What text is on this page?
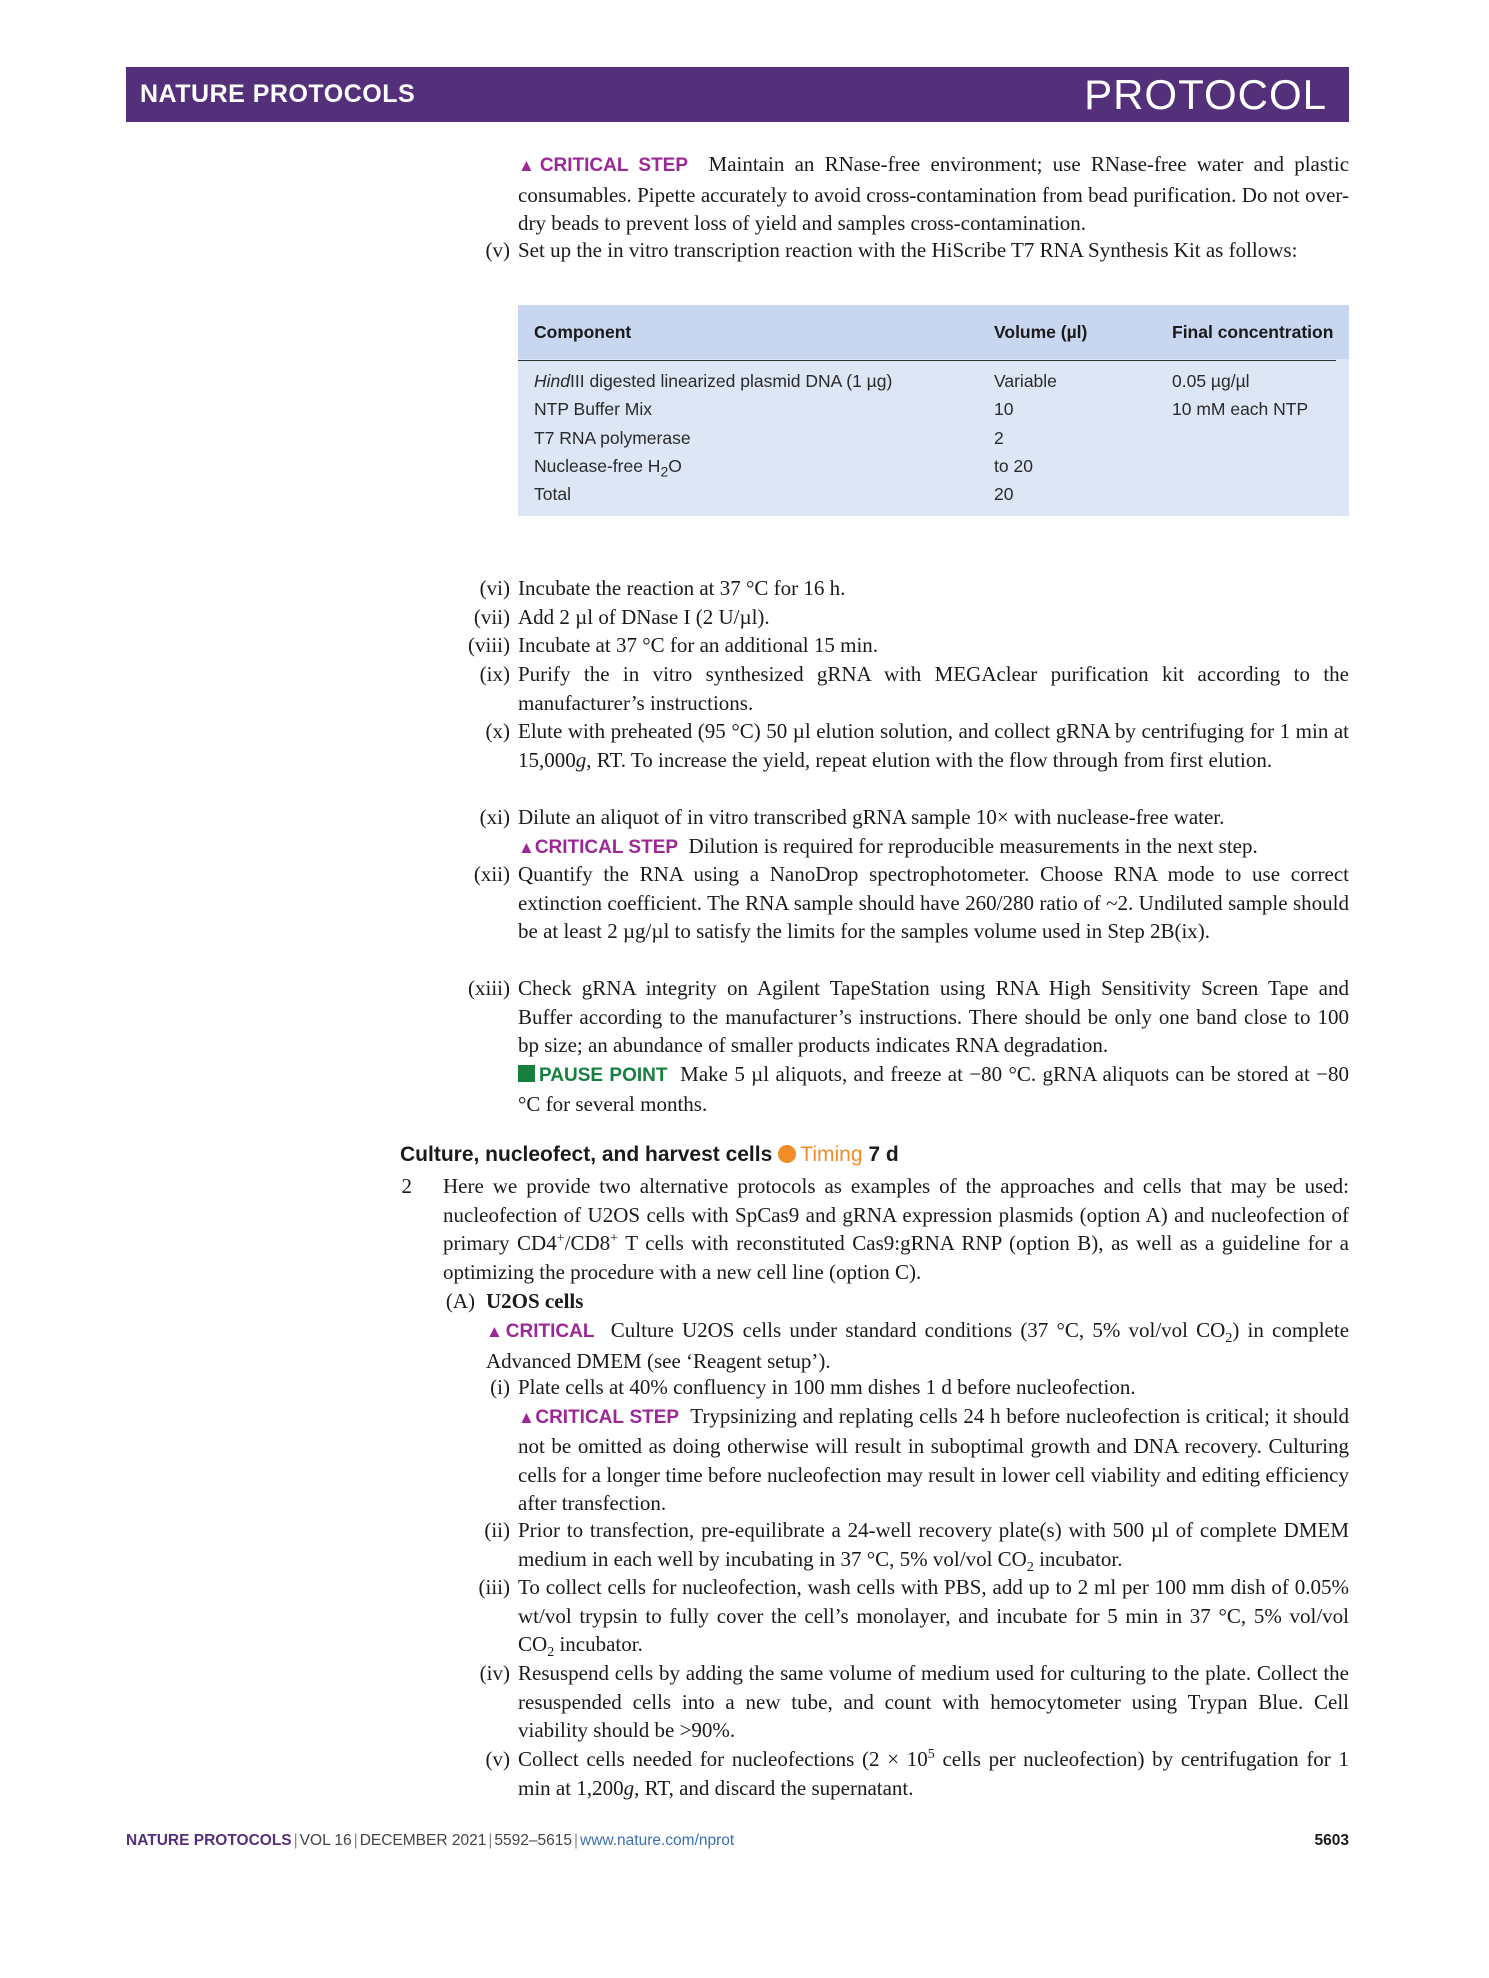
NATURE PROTOCOLS	PROTOCOL
▲CRITICAL STEP Maintain an RNase-free environment; use RNase-free water and plastic consumables. Pipette accurately to avoid cross-contamination from bead purification. Do not over-dry beads to prevent loss of yield and samples cross-contamination.
(v) Set up the in vitro transcription reaction with the HiScribe T7 RNA Synthesis Kit as follows:
Component	Volume (µl)	Final concentration
HindIII digested linearized plasmid DNA (1 µg)	Variable	0.05 µg/µl
NTP Buffer Mix	10	10 mM each NTP
T7 RNA polymerase	2
Nuclease-free $H_2O$	to 20
Total	20
(vi) Incubate the reaction at 37 °C for 16 h.
(vii) Add 2 µl of DNase I (2 U/µl).
(viii) Incubate at 37 °C for an additional 15 min.
(ix) Purify the in vitro synthesized gRNA with MEGAclear purification kit according to the manufacturer’s instructions.
(x) Elute with preheated (95 °C) 50 µl elution solution, and collect gRNA by centrifuging for 1 min at 15,000g, RT. To increase the yield, repeat elution with the flow through from first elution.
(xi) Dilute an aliquot of in vitro transcribed gRNA sample 10× with nuclease-free water.
▲CRITICAL STEP Dilution is required for reproducible measurements in the next step.
(xii) Quantify the RNA using a NanoDrop spectrophotometer. Choose RNA mode to use correct extinction coefficient. The RNA sample should have 260/280 ratio of ~2. Undiluted sample should be at least 2 µg/µl to satisfy the limits for the samples volume used in Step 2B(ix).
(xiii) Check gRNA integrity on Agilent TapeStation using RNA High Sensitivity Screen Tape and Buffer according to the manufacturer’s instructions. There should be only one band close to 100 bp size; an abundance of smaller products indicates RNA degradation.
PAUSE POINT Make 5 µl aliquots, and freeze at −80 °C. gRNA aliquots can be stored at −80 °C for several months.
Culture, nucleofect, and harvest cells Timing 7 d
2 Here we provide two alternative protocols as examples of the approaches and cells that may be used: nucleofection of U2OS cells with SpCas9 and gRNA expression plasmids (option A) and nucleofection of primary CD4+/CD8+ T cells with reconstituted Cas9:gRNA RNP (option B), as well as a guideline for a optimizing the procedure with a new cell line (option C).
(A) U2OS cells
▲CRITICAL Culture U2OS cells under standard conditions (37 °C, 5% vol/vol $CO_2$) in complete Advanced DMEM (see ‘Reagent setup’).
(i) Plate cells at 40% confluency in 100 mm dishes 1 d before nucleofection.
▲CRITICAL STEP Trypsinizing and replating cells 24 h before nucleofection is critical; it should not be omitted as doing otherwise will result in suboptimal growth and DNA recovery. Culturing cells for a longer time before nucleofection may result in lower cell viability and editing efficiency after transfection.
(ii) Prior to transfection, pre-equilibrate a 24-well recovery plate(s) with 500 µl of complete DMEM medium in each well by incubating in 37 °C, 5% vol/vol $CO_2$ incubator.
(iii) To collect cells for nucleofection, wash cells with PBS, add up to 2 ml per 100 mm dish of 0.05% wt/vol trypsin to fully cover the cell’s monolayer, and incubate for 5 min in 37 °C, 5% vol/vol $CO_2$ incubator.
(iv) Resuspend cells by adding the same volume of medium used for culturing to the plate. Collect the resuspended cells into a new tube, and count with hemocytometer using Trypan Blue. Cell viability should be >90%.
(v) Collect cells needed for nucleofections ($2 \times 10^5$ cells per nucleofection) by centrifugation for 1 min at 1,200g, RT, and discard the supernatant.
NATURE PROTOCOLS | VOL 16 | DECEMBER 2021 | 5592–5615 | www.nature.com/nprot	5603
